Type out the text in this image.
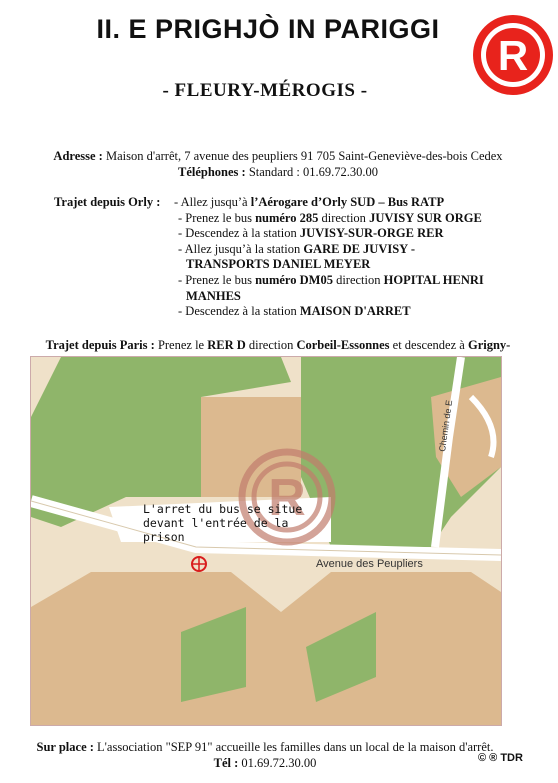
II. E PRIGHJÒ IN PARIGGI
R
- FLEURY-MÉROGIS -
Adresse : Maison d'arrêt, 7 avenue des peupliers 91 705 Saint-Geneviève-des-bois Cedex
Téléphones : Standard : 01.69.72.30.00
Trajet depuis Orly : - Allez jusqu’à l’Aérogare d’Orly SUD – Bus RATP
- Prenez le bus numéro 285 direction JUVISY SUR ORGE
- Descendez à la station JUVISY-SUR-ORGE RER
- Allez jusqu’à la station GARE DE JUVISY -
TRANSPORTS DANIEL MEYER
- Prenez le bus numéro DM05 direction HOPITAL HENRI
MANHES
- Descendez à la station MAISON D'ARRET
Trajet depuis Paris : Prenez le RER D direction Corbeil-Essonnes et descendez à Grigny-

R
Avenue des Peupliers
Chemin de E
L'arret du bus se situe
devant l'entrée de la
prison
Sur place : L'association "SEP 91" accueille les familles dans un local de la maison d'arrêt.
Tél : 01.69.72.30.00	© ® TDR
